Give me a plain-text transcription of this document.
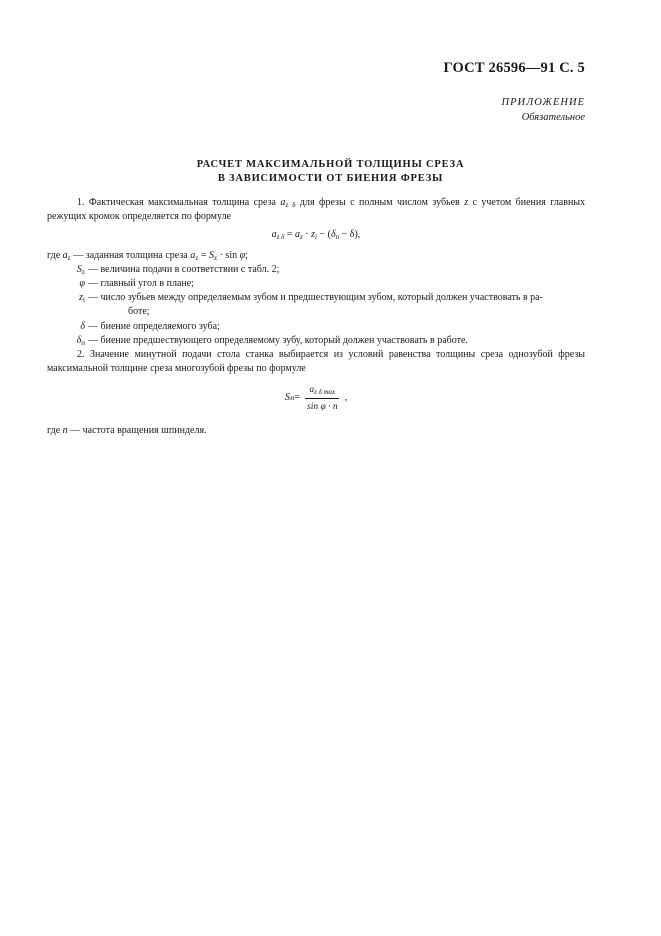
ГОСТ 26596—91 С. 5
ПРИЛОЖЕНИЕ
Обязательное
РАСЧЕТ МАКСИМАЛЬНОЙ ТОЛЩИНЫ СРЕЗА
В ЗАВИСИМОСТИ ОТ БИЕНИЯ ФРЕЗЫ

1. Фактическая максимальная толщина среза $a_{z \delta}$ для фрезы с полным числом зубьев z с учетом биения главных режущих кромок определяется по формуле

$a_{z \delta} = a_z \cdot z_i - (\delta_п - \delta)$,
где $a_z$ — заданная толщина среза $a_z = S_z \cdot \sin \varphi$;
$S_z$ — величина подачи в соответствии с табл. 2;
φ — главный угол в плане;
$z_i$ — число зубьев между определяемым зубом и предшествующим зубом, который должен участвовать в ра-
боте;
δ — биение определяемого зуба;
$\delta_п$ — биение предшествующего определяемому зубу, который должен участвовать в работе.

2. Значение минутной подачи стола станка выбирается из условий равенства толщины среза однозубой фрезы максимальной толщине среза многозубой фрезы по формуле

S $м = \frac{a_{z \delta max}}{\text{sin φ · n}}$ ,
где n — частота вращения шпинделя.
